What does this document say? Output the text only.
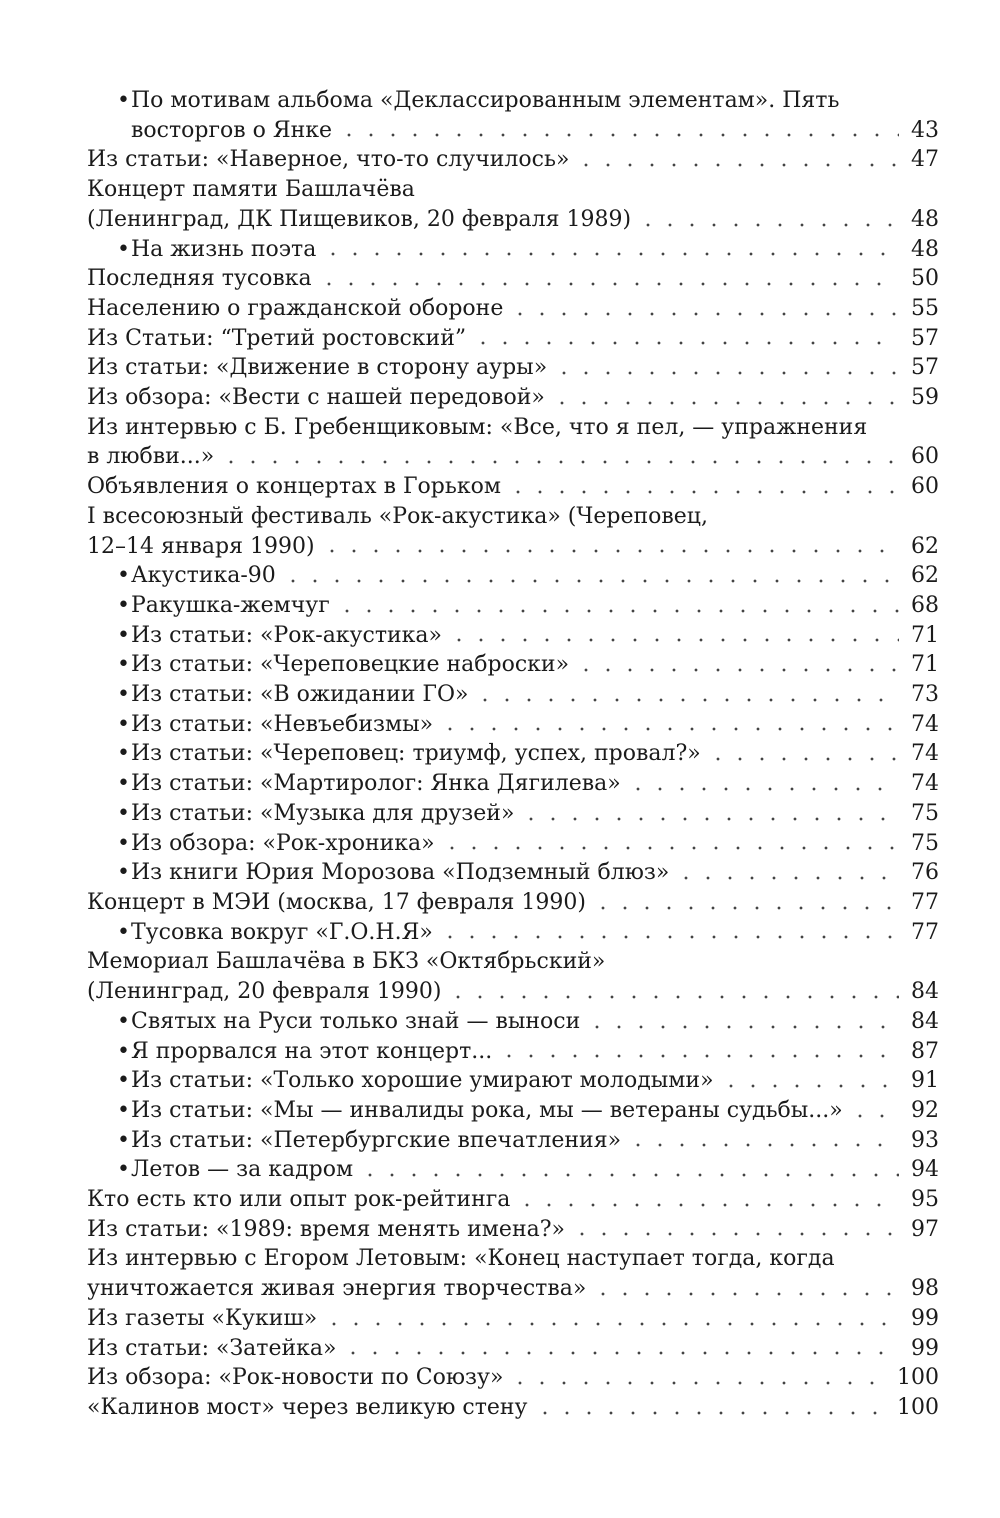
• По мотивам альбома «Деклассированным элементам». Пять
восторгов о Янке	43
Из статьи: «Наверное, что-то случилось»	47
Концерт памяти Башлачёва
(Ленинград, ДК Пищевиков, 20 февраля 1989)	48
• На жизнь поэта	48
Последняя тусовка	50
Населению о гражданской обороне	55
Из Статьи: “Третий ростовский”	57
Из статьи: «Движение в сторону ауры»	57
Из обзора: «Вести с нашей передовой»	59
Из интервью с Б. Гребенщиковым: «Все, что я пел, — упражнения
в любви...»	60
Объявления о концертах в Горьком	60
I всесоюзный фестиваль «Рок-акустика» (Череповец,
12–14 января 1990)	62
• Акустика-90	62
• Ракушка-жемчуг	68
• Из статьи: «Рок-акустика»	71
• Из статьи: «Череповецкие наброски»	71
• Из статьи: «В ожидании ГО»	73
• Из статьи: «Невъебизмы»	74
• Из статьи: «Череповец: триумф, успех, провал?»	74
• Из статьи: «Мартиролог: Янка Дягилева»	74
• Из статьи: «Музыка для друзей»	75
• Из обзора: «Рок-хроника»	75
• Из книги Юрия Морозова «Подземный блюз»	76
Концерт в МЭИ (москва, 17 февраля 1990)	77
• Тусовка вокруг «Г.О.Н.Я»	77
Мемориал Башлачёва в БКЗ «Октябрьский»
(Ленинград, 20 февраля 1990)	84
• Святых на Руси только знай — выноси	84
• Я прорвался на этот концерт...	87
• Из статьи: «Только хорошие умирают молодыми»	91
• Из статьи: «Мы — инвалиды рока, мы — ветераны судьбы...»	92
• Из статьи: «Петербургские впечатления»	93
• Летов — за кадром	94
Кто есть кто или опыт рок-рейтинга	95
Из статьи: «1989: время менять имена?»	97
Из интервью с Егором Летовым: «Конец наступает тогда, когда
уничтожается живая энергия творчества»	98
Из газеты «Кукиш»	99
Из статьи: «Затейка»	99
Из обзора: «Рок-новости по Союзу»	100
«Калинов мост» через великую стену	100
